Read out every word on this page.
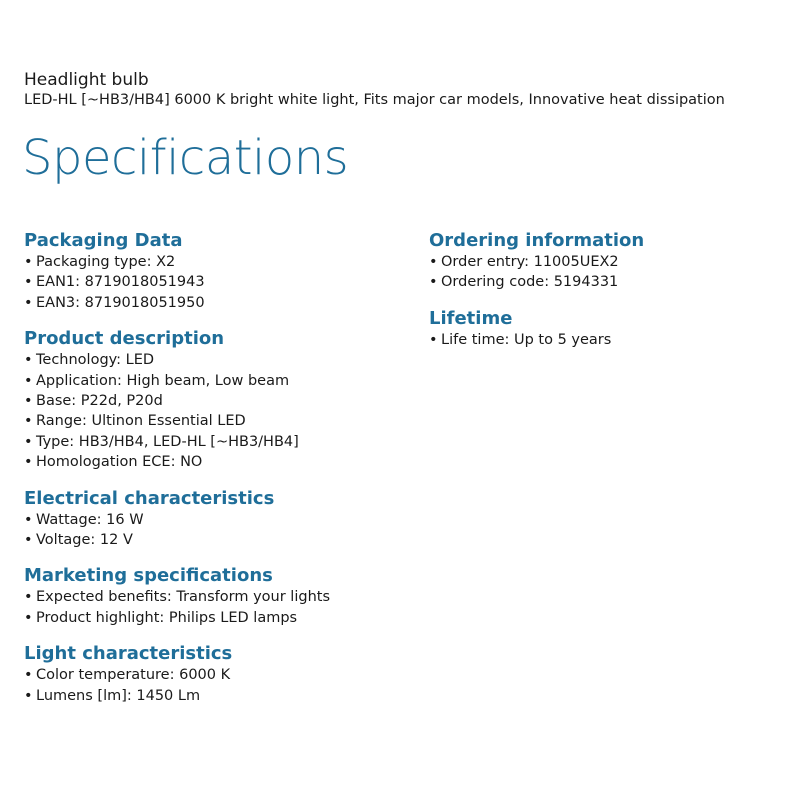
Headlight bulb
LED-HL [~HB3/HB4] 6000 K bright white light, Fits major car models, Innovative heat dissipation
Specifications
Packaging Data
• Packaging type: X2
• EAN1: 8719018051943
• EAN3: 8719018051950
Product description
• Technology: LED
• Application: High beam, Low beam
• Base: P22d, P20d
• Range: Ultinon Essential LED
• Type: HB3/HB4, LED-HL [~HB3/HB4]
• Homologation ECE: NO
Electrical characteristics
• Wattage: 16 W
• Voltage: 12 V
Marketing specifications
• Expected benefits: Transform your lights
• Product highlight: Philips LED lamps
Light characteristics
• Color temperature: 6000 K
• Lumens [lm]: 1450 Lm
Ordering information
• Order entry: 11005UEX2
• Ordering code: 5194331
Lifetime
• Life time: Up to 5 years
